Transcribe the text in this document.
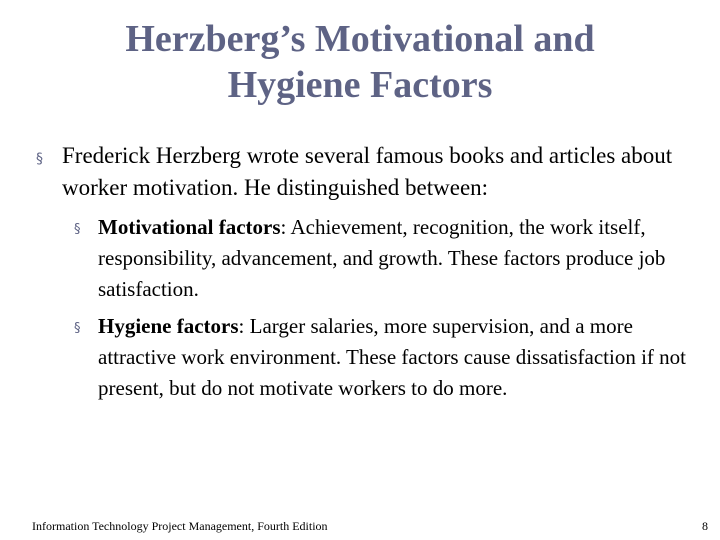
Herzberg’s Motivational and
Hygiene Factors
§ Frederick Herzberg wrote several famous books and articles about worker motivation. He distinguished between:
§ Motivational factors: Achievement, recognition, the work itself, responsibility, advancement, and growth. These factors produce job satisfaction.
§ Hygiene factors: Larger salaries, more supervision, and a more attractive work environment. These factors cause dissatisfaction if not present, but do not motivate workers to do more.
Information Technology Project Management, Fourth Edition	8
